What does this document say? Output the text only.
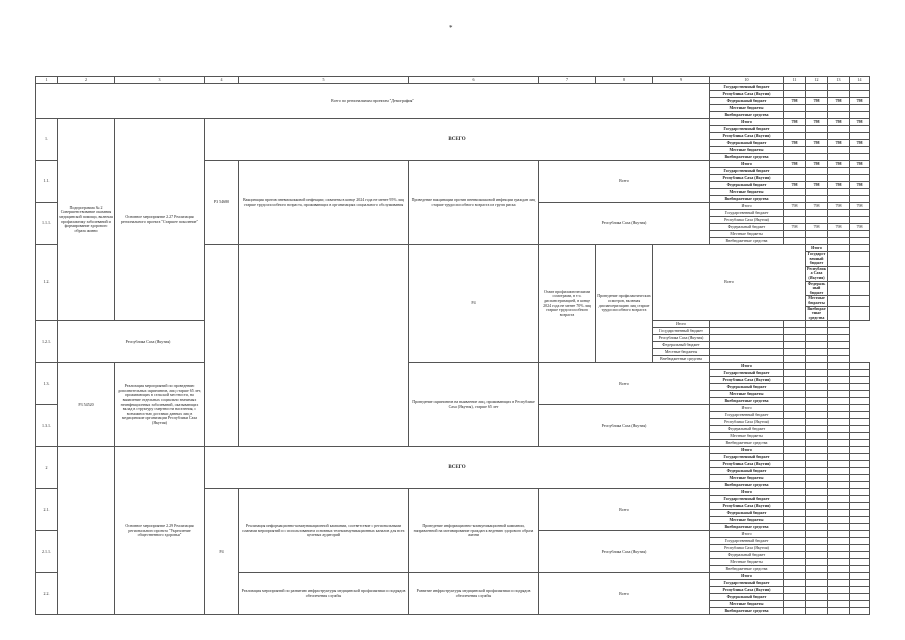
*
1	2	3	4	5	6	7	8	9	10	11	12	13	14	
Всего по региональным проектам "Демография"									Государственный бюджет					
									Республика Саха (Якутия)					
									Федеральный бюджет	798	798	798	798	
									Местные бюджеты					
									Внебюджетные средства					
1.	Подпрограмма № 2 Совершенствование оказания медицинской помощи, включая профилактику заболеваний и формирование здорового образа жизни	Основное мероприятие 2.27 Реализация регионального проекта "Старшее поколение"	ВСЕГО						Итого	798	798	798	798	
									Государственный бюджет					
									Республика Саха (Якутия)					
									Федеральный бюджет	798	798	798	798	
									Местные бюджеты					
									Внебюджетные средства					
1.1.			Р3 54680	Вакцинация против пневмококковой инфекции; охвачены в конце 2024 года не менее 95% лиц старше трудоспособного возраста, проживающих в организациях социального обслуживания	Проведение вакцинации против пневмококковой инфекции граждан лиц старше трудоспособного возраста из групп риска	Всего			Итого	798	798	798	798	
									Государственный бюджет					
									Республика Саха (Якутия)					
									Федеральный бюджет	798	798	798	798	
									Местные бюджеты					
									Внебюджетные средства					
1.1.1.						Республика Саха (Якутия)			Итого	798	798	798	798	
									Государственный бюджет					
									Республика Саха (Якутия)					
									Федеральный бюджет	798	798	798	798	
									Местные бюджеты					
									Внебюджетные средства					
1.2.					Р4	Охват профилактическими осмотрами, в т.ч. диспансеризацией, в конце 2024 года не менее 70% лиц старше трудоспособного возраста	Проведение профилактических осмотров, включая диспансеризацию лиц старше трудоспособного возраста	Всего			Итого				
											Государственный бюджет				
											Республика Саха (Якутия)				
											Федеральный бюджет				
											Местные бюджеты				
											Внебюджетные средства				
1.2.1.	Республика Саха (Якутия)							Итого						
								Государственный бюджет						
								Республика Саха (Якутия)						
								Федеральный бюджет						
								Местные бюджеты						
								Внебюджетные средства						
1.3.	Р3 54520	Реализация мероприятий по проведению дополнительных скринингов, лиц старше 65 лет, проживающих в сельской местности, на выявление отдельных социально значимых неинфекционных заболеваний, оказывающих вклад в структуру смертности населения, с возможностью доставки данных лиц в медицинские организации Республики Саха (Якутия)			Проведение скринингов на выявление лиц, проживающих в Республике Саха (Якутия), старше 65 лет	Всего			Итого					
									Государственный бюджет					
									Республика Саха (Якутия)					
									Федеральный бюджет					
									Местные бюджеты					
									Внебюджетные средства					
1.3.1.						Республика Саха (Якутия)			Итого					
									Государственный бюджет					
									Республика Саха (Якутия)					
									Федеральный бюджет					
									Местные бюджеты					
									Внебюджетные средства					
2		Основное мероприятие 2.29 Реализация регионального проекта "Укрепление общественного здоровья"	ВСЕГО						Итого					
									Государственный бюджет					
									Республика Саха (Якутия)					
									Федеральный бюджет					
									Местные бюджеты					
									Внебюджетные средства					
2.1.			Р4	Реализация информационно-коммуникационной кампании, соответствие с региональными планами мероприятий и с использованием основных телекоммуникационных каналов для всех целевых аудиторий	Проведение информационно-коммуникационной кампании, направленной на мотивирование граждан к ведению здорового образа жизни	Всего			Итого					
									Государственный бюджет					
									Республика Саха (Якутия)					
									Федеральный бюджет					
									Местные бюджеты					
									Внебюджетные средства					
2.1.1.						Республика Саха (Якутия)			Итого					
									Государственный бюджет					
									Республика Саха (Якутия)					
									Федеральный бюджет					
									Местные бюджеты					
									Внебюджетные средства					
2.2.				Реализация мероприятий по развитию инфраструктуры медицинской профилактики и подрядов обеспечения службы	Развитие инфраструктуры медицинской профилактики и подрядов обеспечения службы	Всего			Итого					
									Государственный бюджет					
									Республика Саха (Якутия)					
									Федеральный бюджет					
									Местные бюджеты					
									Внебюджетные средства					
